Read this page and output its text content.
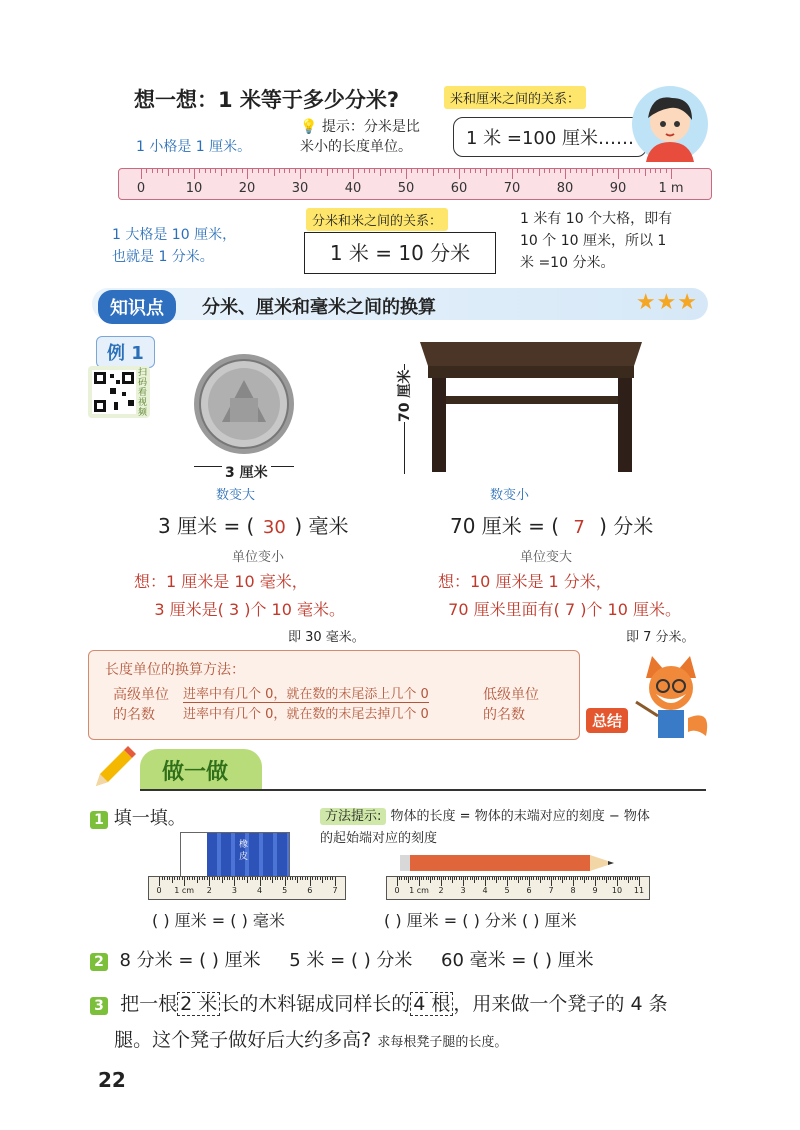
想一想：1 米等于多少分米?	米和厘米之间的关系：
💡 提示：分米是比
米小的长度单位。	1 米 =100 厘米……
1 小格是 1 厘米。
0	10	20	30	40	50	60	70	80	90 1 m
1 大格是 10 厘米，
也就是 1 分米。
分米和米之间的关系：
1 米 = 10 分米
1 米有 10 个大格，即有
10 个 10 厘米，所以 1
米 =10 分米。
知识点	分米、厘米和毫米之间的换算	★★★
例 1
扫码看视频
3 厘米
70 厘米
数变大
3 厘米 = ( 30 ) 毫米
单位变小
想：1 厘米是 10 毫米，
3 厘米是( 3 )个 10 毫米。
即 30 毫米。
数变小
70 厘米 = ( 7 ) 分米
单位变大
想：10 厘米是 1 分米，
70 厘米里面有( 7 )个 10 厘米。
即 7 分米。
长度单位的换算方法：
高级单位
的名数
进率中有几个 0，就在数的末尾添上几个 0
进率中有几个 0，就在数的末尾去掉几个 0
低级单位
的名数	总结
做一做
1 填一填。	方法提示: 物体的长度 = 物体的末端对应的刻度 − 物体
的起始端对应的刻度
橡皮
0 1 cm 2	3	4	5	6	7
( ) 厘米 = ( ) 毫米
0 1 cm 2 3 4 5 6 7 8 9 10 11
( ) 厘米 = ( ) 分米 ( ) 厘米
2 8 分米 = ( ) 厘米 5 米 = ( ) 分米 60 毫米 = ( ) 厘米
3 把一根 2 米 长的木料锯成同样长的 4 根 ，用来做一个凳子的 4 条
腿。这个凳子做好后大约多高? 求每根凳子腿的长度。
22
